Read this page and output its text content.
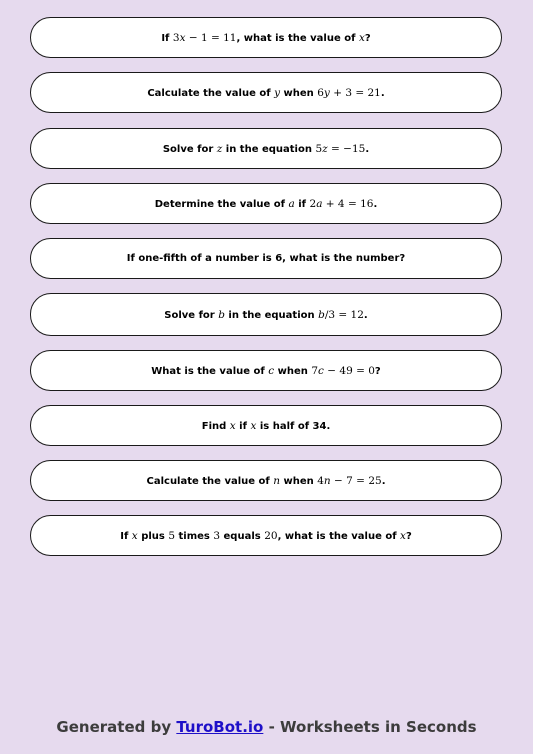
If 3x − 1 = 11, what is the value of x?
Calculate the value of y when 6y + 3 = 21.
Solve for z in the equation 5z = −15.
Determine the value of a if 2a + 4 = 16.
If one-fifth of a number is 6, what is the number?
Solve for b in the equation b/3 = 12.
What is the value of c when 7c − 49 = 0?
Find x if x is half of 34.
Calculate the value of n when 4n − 7 = 25.
If x plus 5 times 3 equals 20, what is the value of x?
Generated by TuroBot.io - Worksheets in Seconds
